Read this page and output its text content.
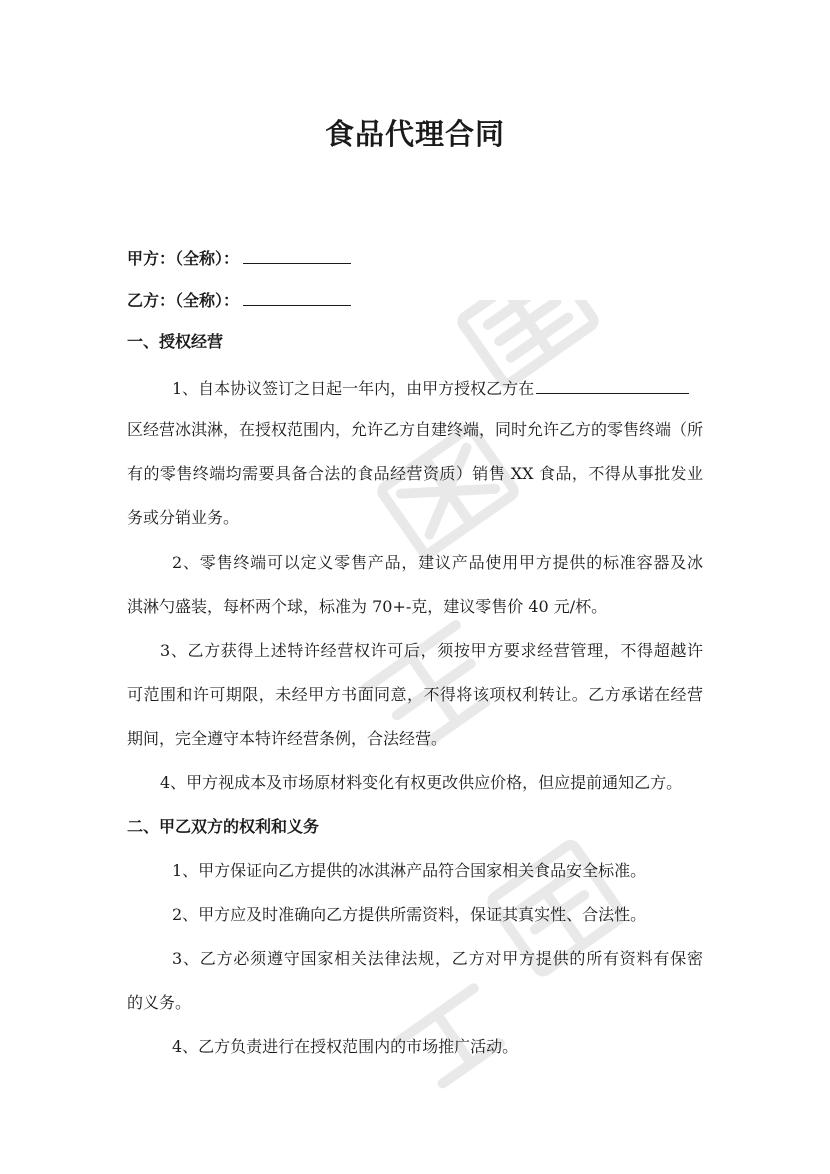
食品代理合同
甲方：（全称）：
乙方：（全称）：
一、授权经营
1、自本协议签订之日起一年内，由甲方授权乙方在
区经营冰淇淋，在授权范围内，允许乙方自建终端，同时允许乙方的零售终端（所
有的零售终端均需要具备合法的食品经营资质）销售 XX 食品，不得从事批发业
务或分销业务。
2、零售终端可以定义零售产品，建议产品使用甲方提供的标准容器及冰
淇淋勺盛装，每杯两个球，标准为 70+-克，建议零售价 40 元/杯。
3、乙方获得上述特许经营权许可后，须按甲方要求经营管理，不得超越许
可范围和许可期限，未经甲方书面同意，不得将该项权利转让。乙方承诺在经营
期间，完全遵守本特许经营条例，合法经营。
4、甲方视成本及市场原材料变化有权更改供应价格，但应提前通知乙方。
二、甲乙双方的权利和义务
1、甲方保证向乙方提供的冰淇淋产品符合国家相关食品安全标准。
2、甲方应及时准确向乙方提供所需资料，保证其真实性、合法性。
3、乙方必须遵守国家相关法律法规，乙方对甲方提供的所有资料有保密
的义务。
4、乙方负责进行在授权范围内的市场推广活动。
